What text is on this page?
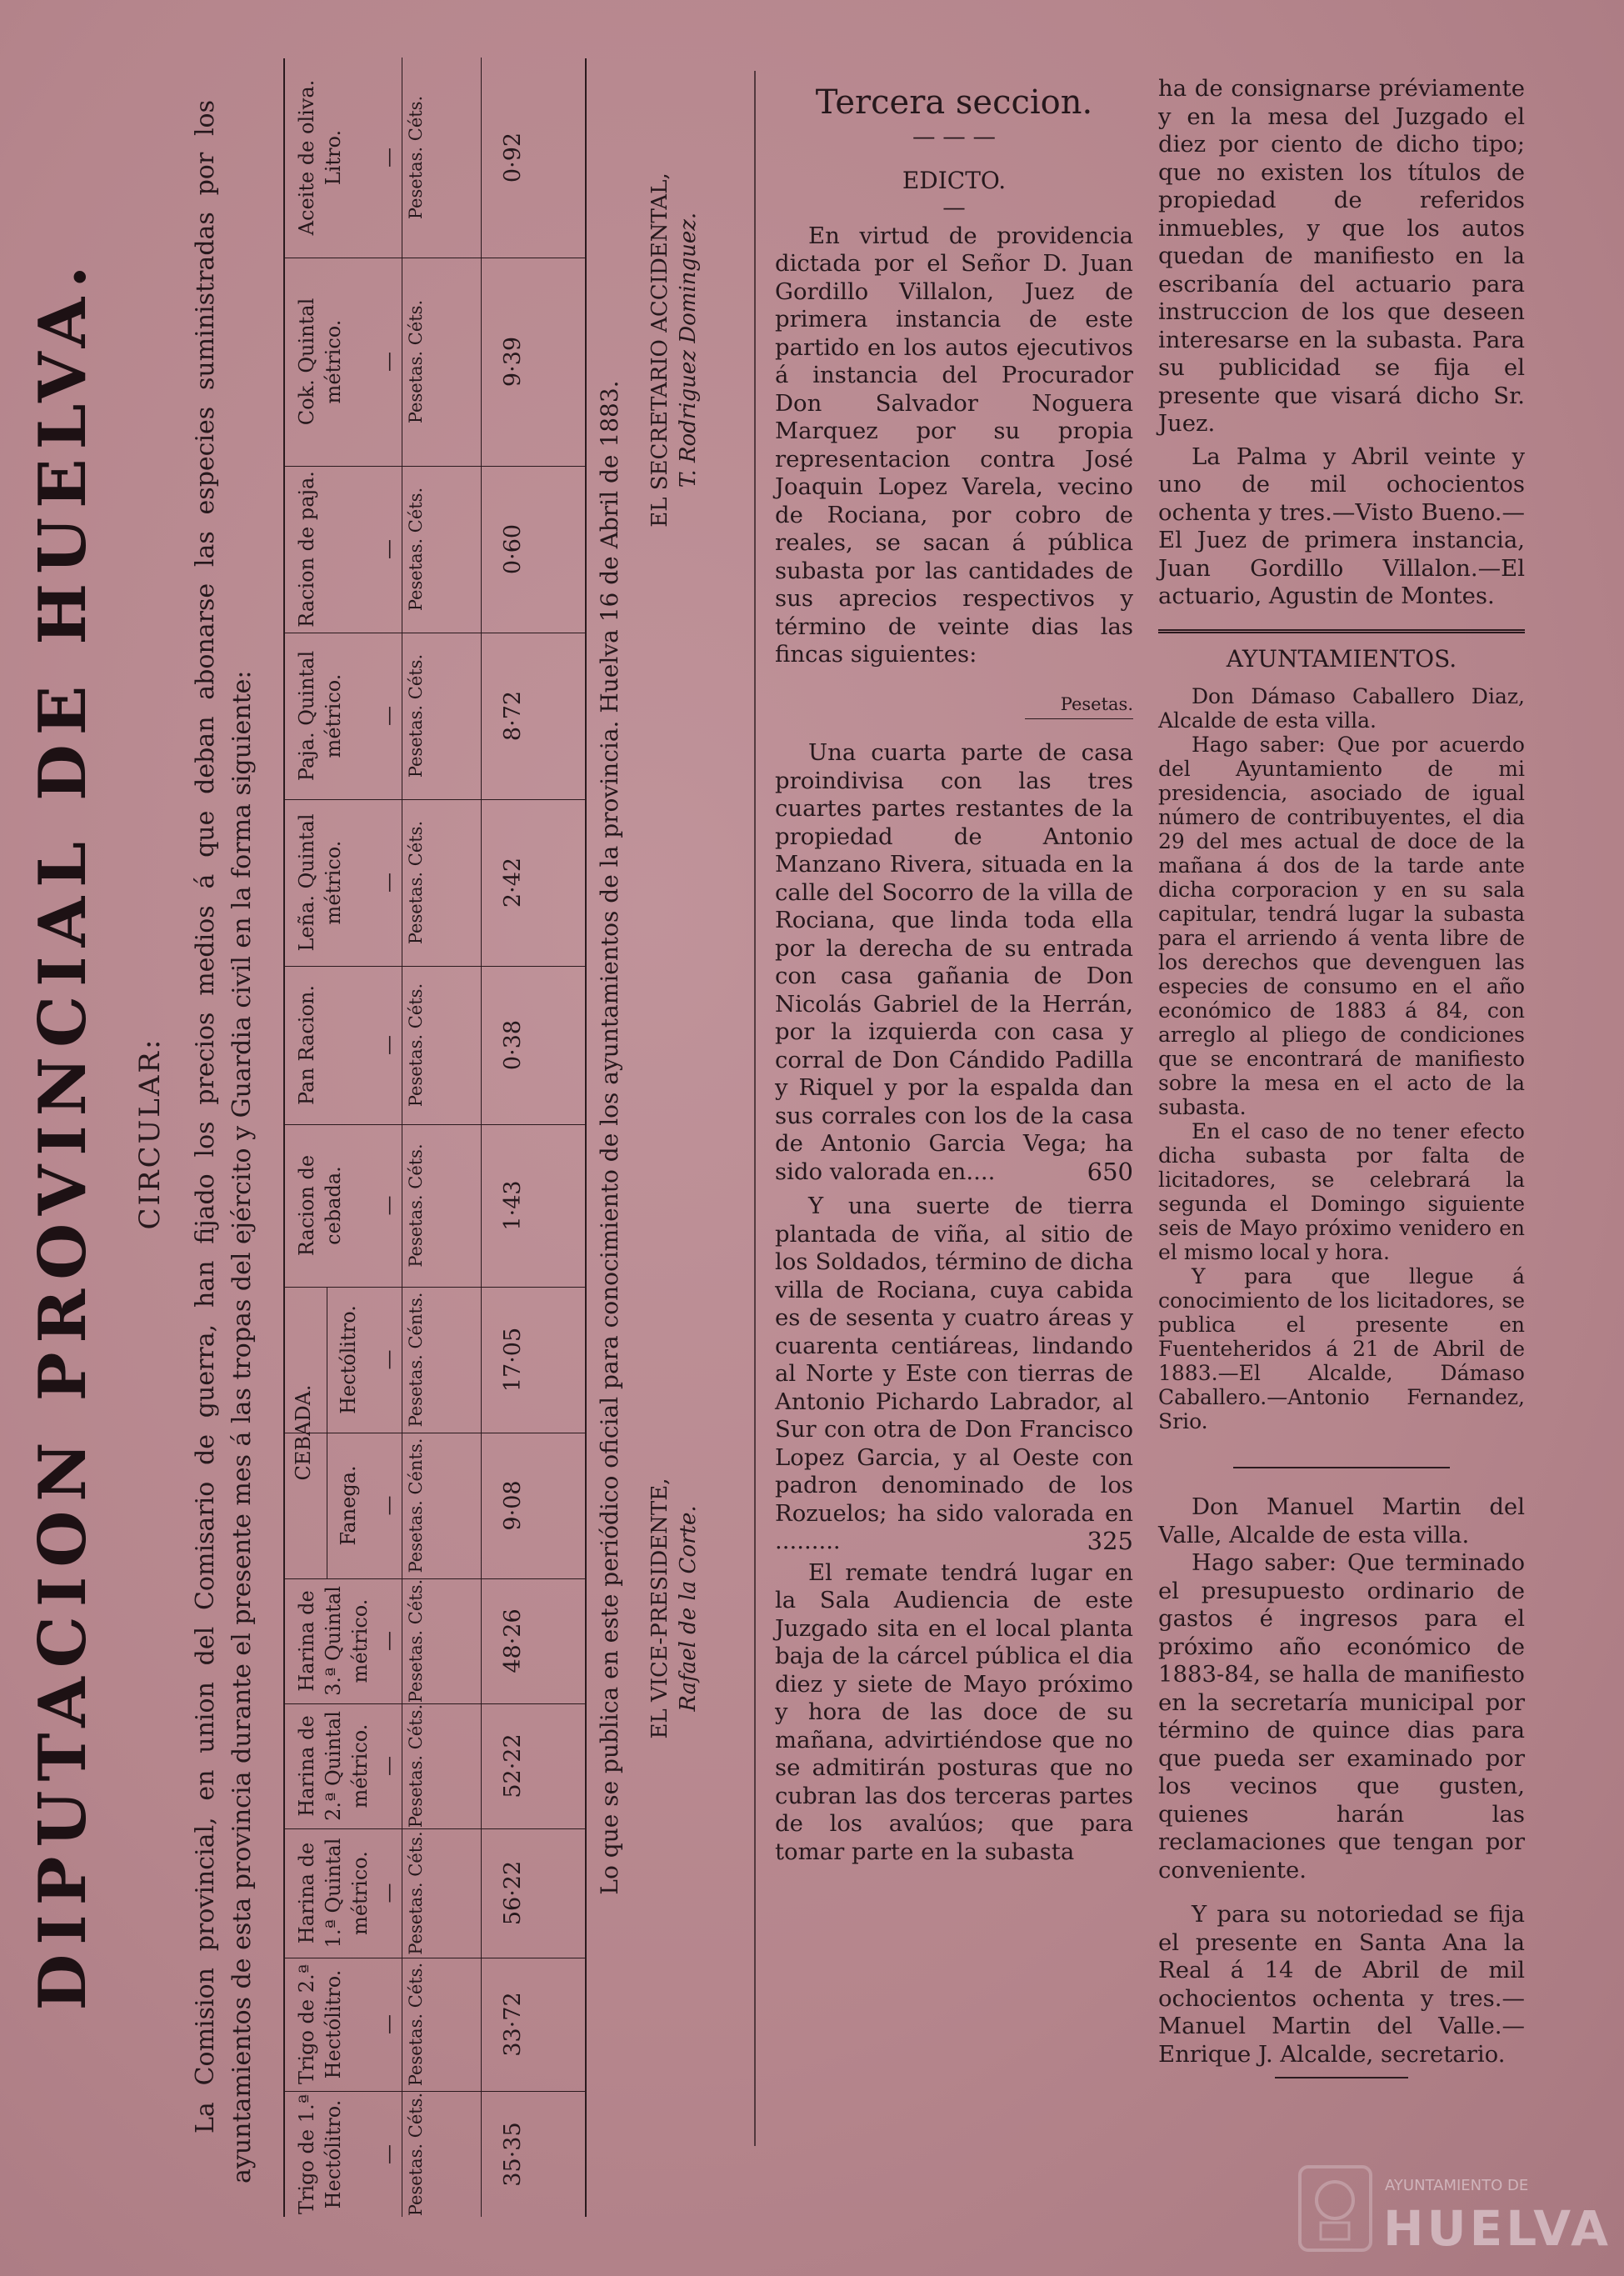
DIPUTACION PROVINCIAL DE HUELVA. CIRCULAR: La Comision provincial, en union del Comisario de guerra, han fijado los precios medios á que deban abonarse las especies suministradas por los ayuntamientos de esta provincia durante el presente mes á las tropas del ejército y Guardia civil en la forma siguiente: Trigo de 1.ª Hectólitro. — Pesetas. Céts.	35·35
Trigo de 2.ª Hectólitro. — Pesetas. Céts.	33·72
Harina de 1.ª Quintal métrico. — Pesetas. Céts.	56·22
Harina de 2.ª Quintal métrico. — Pesetas. Céts.	52·22
Harina de 3.ª Quintal métrico. — Pesetas. Céts.	48·26
CEBADA.
Fanega. — Pesetas. Cénts.	9·08
Hectólitro. — Pesetas. Cénts.	17·05
Racion de cebada. — Pesetas. Céts.	1·43
Pan Racion.	— Pesetas. Céts.	0·38
Leña. Quintal métrico. — Pesetas. Céts.	2·42
Paja. Quintal métrico. — Pesetas. Céts.	8·72
Racion de paja.	— Pesetas. Céts.	0·60
Cok. Quintal métrico. — Pesetas. Céts.	9·39
Aceite de oliva. Litro. — Pesetas. Céts.	0·92
Lo que se publica en este periódico oficial para conocimiento de los ayuntamientos de la provincia. Huelva 16 de Abril de 1883. EL VICE-PRESIDENTE, Rafael de la Corte.
EL SECRETARIO ACCIDENTAL, T. Rodriguez Dominguez.
Tercera seccion.
— — —
EDICTO.
—

En virtud de providencia dictada por el Señor D. Juan Gordillo Villalon, Juez de primera instancia de este partido en los autos ejecutivos á instancia del Procurador Don Salvador Noguera Marquez por su propia representacion contra José Joaquin Lopez Varela, vecino de Rociana, por cobro de reales, se sacan á pública subasta por las cantidades de sus aprecios respectivos y término de veinte dias las fincas siguientes:

Pesetas.

Una cuarta parte de casa proindivisa con las tres cuartes partes restantes de la propiedad de Antonio Manzano Rivera, situada en la calle del Socorro de la villa de Rociana, que linda toda ella por la derecha de su entrada con casa gañania de Don Nicolás Gabriel de la Herrán, por la izquierda con casa y corral de Don Cándido Padilla y Riquel y por la espalda dan sus corrales con los de la casa de Antonio Garcia Vega; ha sido valorada en....	650

Y una suerte de tierra plantada de viña, al sitio de los Soldados, término de dicha villa de Rociana, cuya cabida es de sesenta y cuatro áreas y cuarenta centiáreas, lindando al Norte y Este con tierras de Antonio Pichardo Labrador, al Sur con otra de Don Francisco Lopez Garcia, y al Oeste con padron denominado de los Rozuelos; ha sido valorada en .........	325

El remate tendrá lugar en la Sala Audiencia de este Juzgado sita en el local planta baja de la cárcel pública el dia diez y siete de Mayo próximo y hora de las doce de su mañana, advirtiéndose que no se admitirán posturas que no cubran las dos terceras partes de los avalúos; que para tomar parte en la subasta

ha de consignarse préviamente y en la mesa del Juzgado el diez por ciento de dicho tipo; que no existen los títulos de propiedad de referidos inmuebles, y que los autos quedan de manifiesto en la escribanía del actuario para instruccion de los que deseen interesarse en la subasta. Para su publicidad se fija el presente que visará dicho Sr. Juez.

La Palma y Abril veinte y uno de mil ochocientos ochenta y tres.—Visto Bueno.—El Juez de primera instancia, Juan Gordillo Villalon.—El actuario, Agustin de Montes.

AYUNTAMIENTOS.

Don Dámaso Caballero Diaz, Alcalde de esta villa.

Hago saber: Que por acuerdo del Ayuntamiento de mi presidencia, asociado de igual número de contribuyentes, el dia 29 del mes actual de doce de la mañana á dos de la tarde ante dicha corporacion y en su sala capitular, tendrá lugar la subasta para el arriendo á venta libre de los derechos que devenguen las especies de consumo en el año económico de 1883 á 84, con arreglo al pliego de condiciones que se encontrará de manifiesto sobre la mesa en el acto de la subasta.

En el caso de no tener efecto dicha subasta por falta de licitadores, se celebrará la segunda el Domingo siguiente seis de Mayo próximo venidero en el mismo local y hora.

Y para que llegue á conocimiento de los licitadores, se publica el presente en Fuenteheridos á 21 de Abril de 1883.—El Alcalde, Dámaso Caballero.—Antonio Fernandez, Srio.

Don Manuel Martin del Valle, Alcalde de esta villa.

Hago saber: Que terminado el presupuesto ordinario de gastos é ingresos para el próximo año económico de 1883-84, se halla de manifiesto en la secretaría municipal por término de quince dias para que pueda ser examinado por los vecinos que gusten, quienes harán las reclamaciones que tengan por conveniente.

Y para su notoriedad se fija el presente en Santa Ana la Real á 14 de Abril de mil ochocientos ochenta y tres.—Manuel Martin del Valle.—Enrique J. Alcalde, secretario.

AYUNTAMIENTO DE
HUELVA
